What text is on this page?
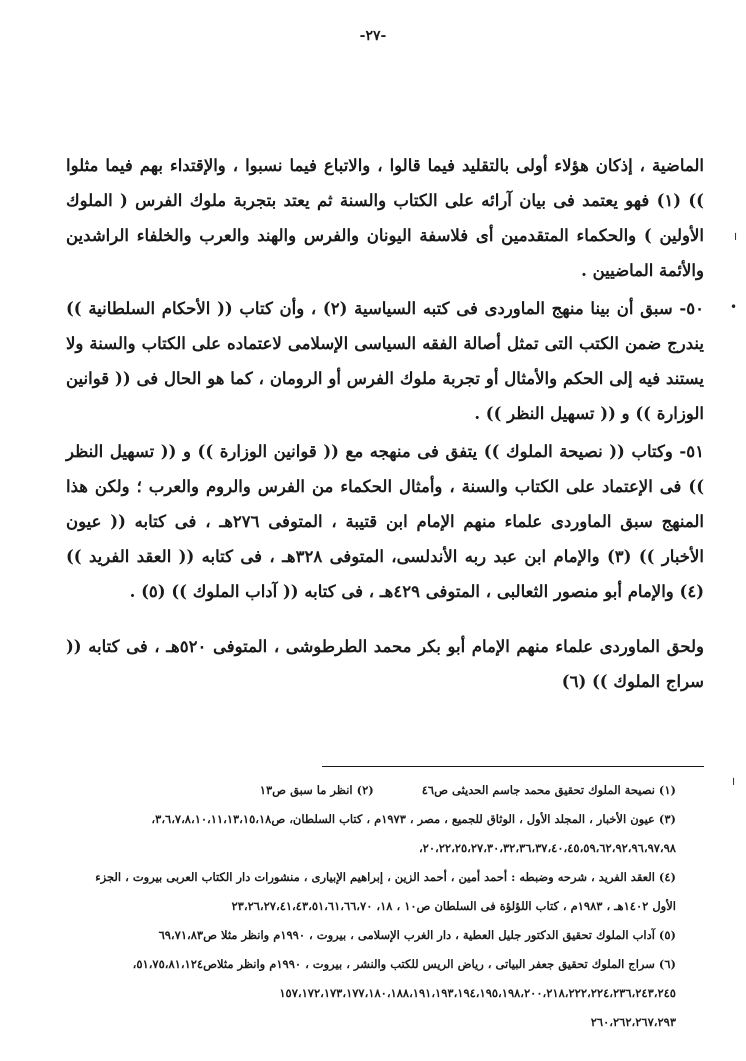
-٢٧-

الماضية ، إذكان هؤلاء أولى بالتقليد فيما قالوا ، والاتباع فيما نسبوا ، والإقتداء بهم فيما مثلوا )) (١) فهو يعتمد فى بيان آرائه على الكتاب والسنة ثم يعتد بتجربة ملوك الفرس ( الملوك الأولين ) والحكماء المتقدمين أى فلاسفة اليونان والفرس والهند والعرب والخلفاء الراشدين والأئمة الماضيين .

٥٠- سبق أن بينا منهج الماوردى فى كتبه السياسية (٢) ، وأن كتاب (( الأحكام السلطانية )) يندرج ضمن الكتب التى تمثل أصالة الفقه السياسى الإسلامى لاعتماده على الكتاب والسنة ولا يستند فيه إلى الحكم والأمثال أو تجربة ملوك الفرس أو الرومان ، كما هو الحال فى (( قوانين الوزارة )) و (( تسهيل النظر )) .

٥١- وكتاب (( نصيحة الملوك )) يتفق فى منهجه مع (( قوانين الوزارة )) و (( تسهيل النظر )) فى الإعتماد على الكتاب والسنة ، وأمثال الحكماء من الفرس والروم والعرب ؛ ولكن هذا المنهج سبق الماوردى علماء منهم الإمام ابن قتيبة ، المتوفى ٢٧٦هـ ، فى كتابه (( عيون الأخبار )) (٣) والإمام ابن عبد ربه الأندلسى، المتوفى ٣٢٨هـ ، فى كتابه (( العقد الفريد )) (٤) والإمام أبو منصور الثعالبى ، المتوفى ٤٢٩هـ ، فى كتابه (( آداب الملوك )) (٥) .

ولحق الماوردى علماء منهم الإمام أبو بكر محمد الطرطوشى ، المتوفى ٥٢٠هـ ، فى كتابه (( سراج الملوك )) (٦)

(١) نصيحة الملوك تحقيق محمد جاسم الحديثى ص٤٦  (٢) انظر ما سبق ص١٣

(٣) عيون الأخبار ، المجلد الأول ، الوثاق للجميع ، مصر ، ١٩٧٣م ، كتاب السلطان، ص٣،٦،٧،٨،١٠،١١،١٣،١٥،١٨،

٢٠،٢٢،٢٥،٢٧،٣٠،٣٢،٣٦،٣٧،٤٠،٤٥،٥٩،٦٢،٩٢،٩٦،٩٧،٩٨،

(٤) العقد الفريد ، شرحه وضبطه : أحمد أمين ، أحمد الزين ، إبراهيم الإبيارى ، منشورات دار الكتاب العربى بيروت ، الجزء

الأول ١٤٠٢هـ ، ١٩٨٣م ، كتاب اللؤلؤة فى السلطان ص١٠ ، ١٨، ٢٣،٢٦،٢٧،٤١،٤٣،٥١،٦١،٦٦،٧٠

(٥) آداب الملوك تحقيق الدكتور جليل العطية ، دار الغرب الإسلامى ، بيروت ، ١٩٩٠م وانظر مثلا ص٦٩،٧١،٨٣

(٦) سراج الملوك تحقيق جعفر البياتى ، رياض الريس للكتب والنشر ، بيروت ، ١٩٩٠م وانظر مثلاص٥١،٧٥،٨١،١٢٤،

١٥٧،١٧٢،١٧٣،١٧٧،١٨٠،١٨٨،١٩١،١٩٣،١٩٤،١٩٥،١٩٨،٢٠٠،٢١٨،٢٢٢،٢٢٤،٢٣٦،٢٤٣،٢٤٥

٢٦٠،٢٦٢،٢٦٧،٢٩٣

╷
•
╵
